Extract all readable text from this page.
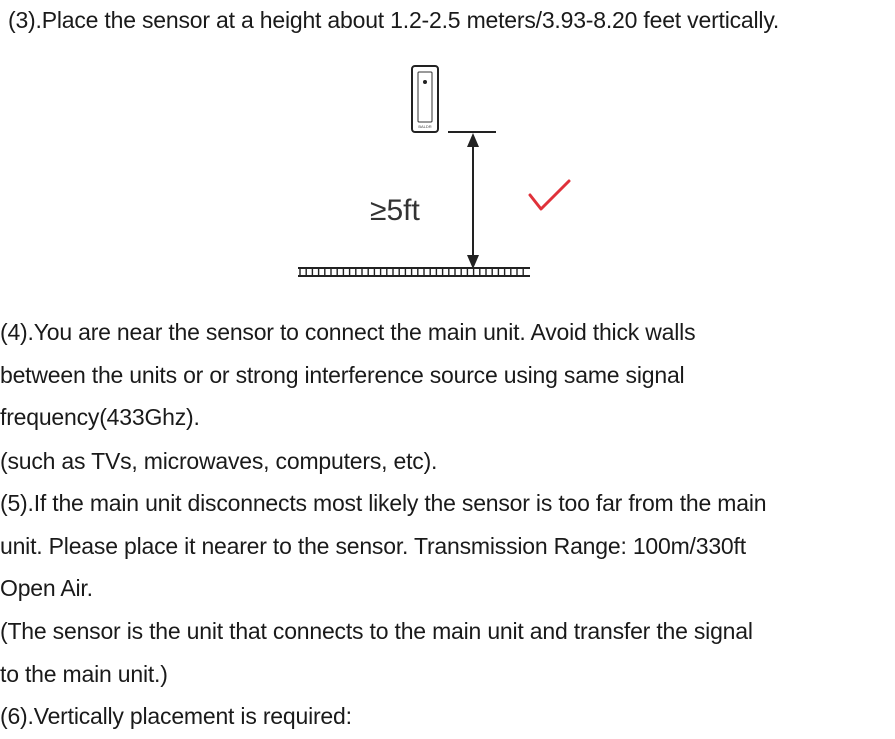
(3).Place the sensor at a height about 1.2-2.5 meters/3.93-8.20 feet vertically.
BALDR
≥5ft
(4).You are near the sensor to connect the main unit. Avoid thick walls
between the units or or strong interference source using same signal
frequency(433Ghz).
(such as TVs, microwaves, computers, etc).
(5).If the main unit disconnects most likely the sensor is too far from the main
unit. Please place it nearer to the sensor. Transmission Range: 100m/330ft
Open Air.
(The sensor is the unit that connects to the main unit and transfer the signal
to the main unit.)
(6).Vertically placement is required:
